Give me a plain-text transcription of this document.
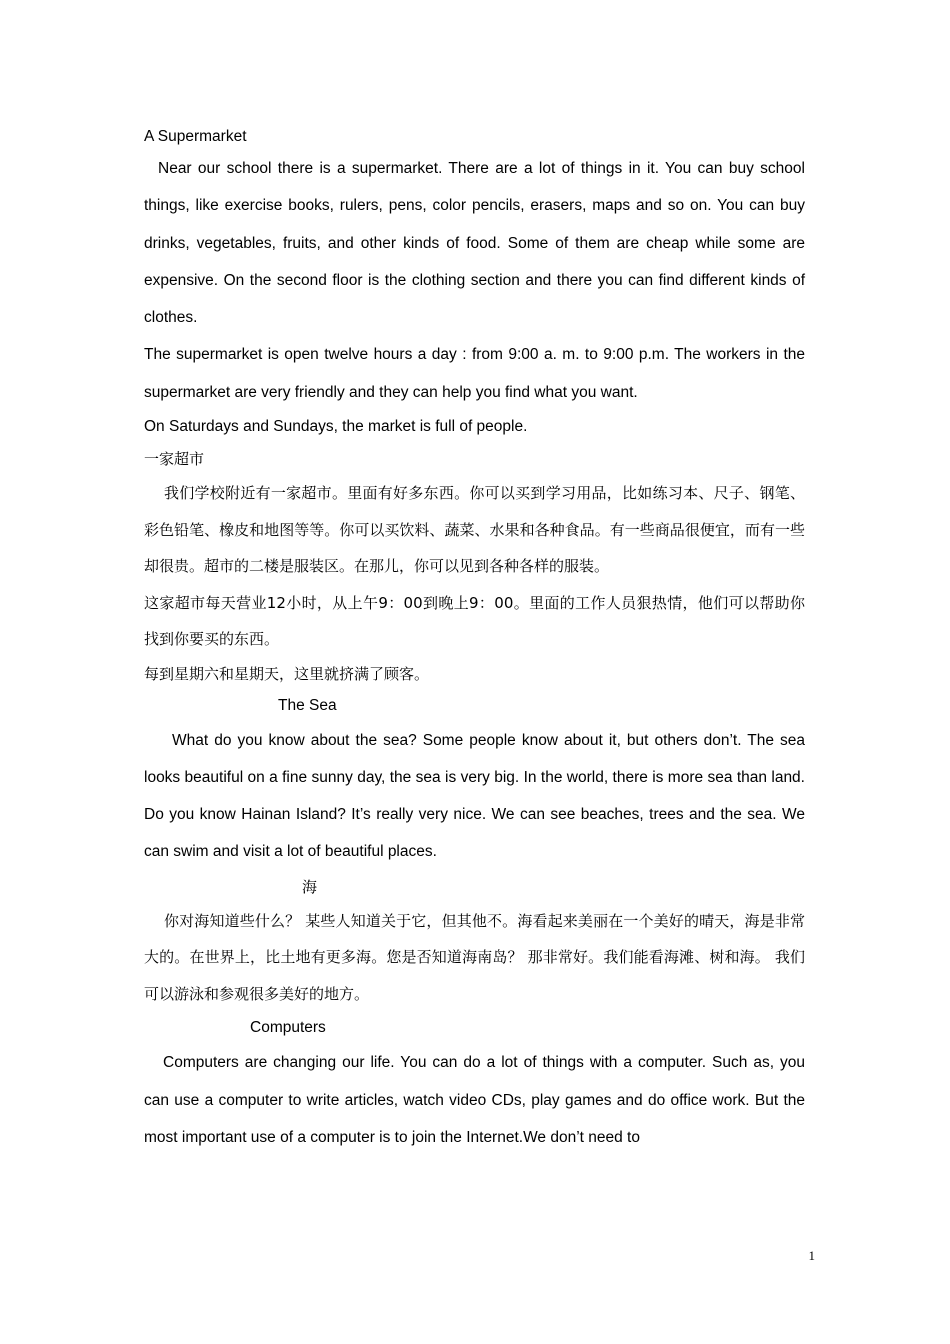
A Supermarket

Near our school there is a supermarket. There are a lot of things in it. You can buy school things, like exercise books, rulers, pens, color pencils, erasers, maps and so on. You can buy drinks, vegetables, fruits, and other kinds of food. Some of them are cheap while some are expensive. On the second floor is the clothing section and there you can find different kinds of clothes.

The supermarket is open twelve hours a day : from 9:00 a. m. to 9:00 p.m. The workers in the supermarket are very friendly and they can help you find what you want.

On Saturdays and Sundays, the market is full of people.

一家超市

我们学校附近有一家超市。里面有好多东西。你可以买到学习用品，比如练习本、尺子、钢笔、彩色铅笔、橡皮和地图等等。你可以买饮料、蔬菜、水果和各种食品。有一些商品很便宜，而有一些却很贵。超市的二楼是服装区。在那儿，你可以见到各种各样的服装。

这家超市每天营业12小时，从上午9：00到晚上9：00。里面的工作人员狠热情，他们可以帮助你找到你要买的东西。

每到星期六和星期天，这里就挤满了顾客。

The Sea

What do you know about the sea? Some people know about it, but others don’t. The sea looks beautiful on a fine sunny day, the sea is very big. In the world, there is more sea than land. Do you know Hainan Island? It’s really very nice. We can see beaches, trees and the sea. We can swim and visit a lot of beautiful places.

海

你对海知道些什么？ 某些人知道关于它，但其他不。海看起来美丽在一个美好的晴天，海是非常大的。在世界上，比土地有更多海。您是否知道海南岛？ 那非常好。我们能看海滩、树和海。 我们可以游泳和参观很多美好的地方。

Computers

Computers are changing our life. You can do a lot of things with a computer. Such as, you can use a computer to write articles, watch video CDs, play games and do office work. But the most important use of a computer is to join the Internet.We don’t need to

1
